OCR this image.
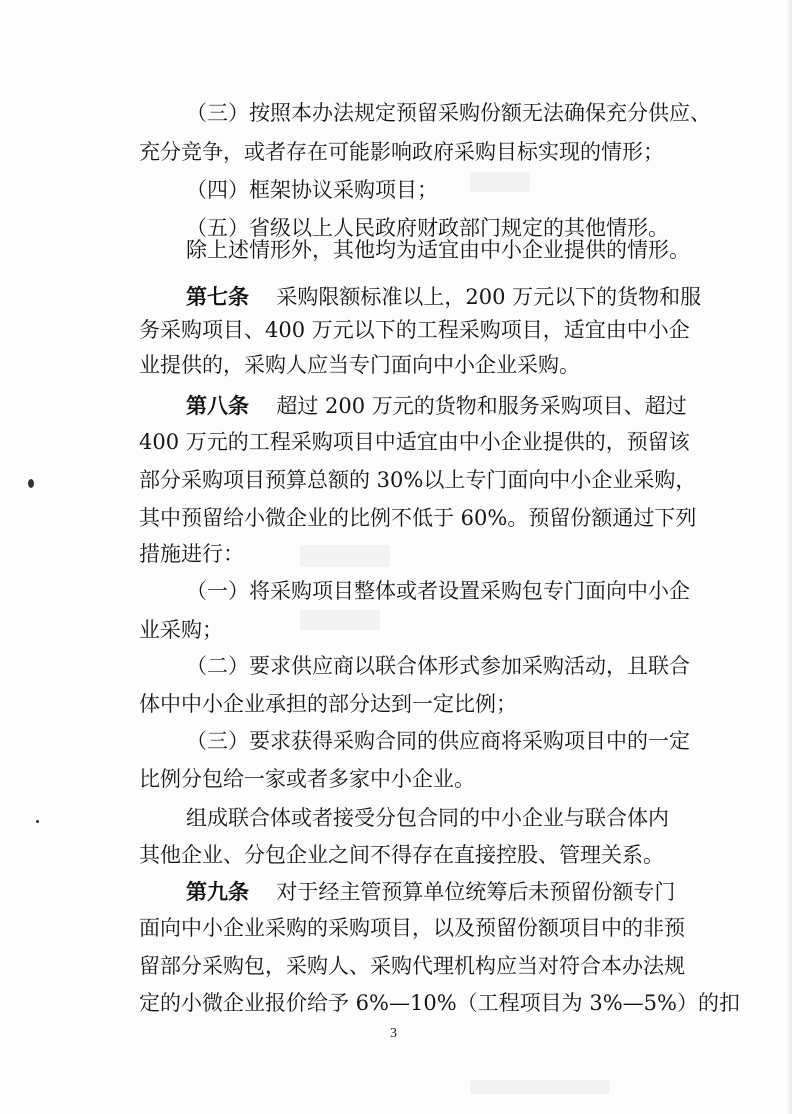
（三）按照本办法规定预留采购份额无法确保充分供应、

充分竞争，或者存在可能影响政府采购目标实现的情形；

（四）框架协议采购项目；

（五）省级以上人民政府财政部门规定的其他情形。

除上述情形外，其他均为适宜由中小企业提供的情形。

第七条 采购限额标准以上，200 万元以下的货物和服

务采购项目、400 万元以下的工程采购项目，适宜由中小企

业提供的，采购人应当专门面向中小企业采购。

第八条 超过 200 万元的货物和服务采购项目、超过

400 万元的工程采购项目中适宜由中小企业提供的，预留该

部分采购项目预算总额的 30%以上专门面向中小企业采购，

其中预留给小微企业的比例不低于 60%。预留份额通过下列

措施进行：

（一）将采购项目整体或者设置采购包专门面向中小企

业采购；

（二）要求供应商以联合体形式参加采购活动，且联合

体中中小企业承担的部分达到一定比例；

（三）要求获得采购合同的供应商将采购项目中的一定

比例分包给一家或者多家中小企业。

组成联合体或者接受分包合同的中小企业与联合体内

其他企业、分包企业之间不得存在直接控股、管理关系。

第九条 对于经主管预算单位统筹后未预留份额专门

面向中小企业采购的采购项目，以及预留份额项目中的非预

留部分采购包，采购人、采购代理机构应当对符合本办法规

定的小微企业报价给予 6%—10%（工程项目为 3%—5%）的扣

3
